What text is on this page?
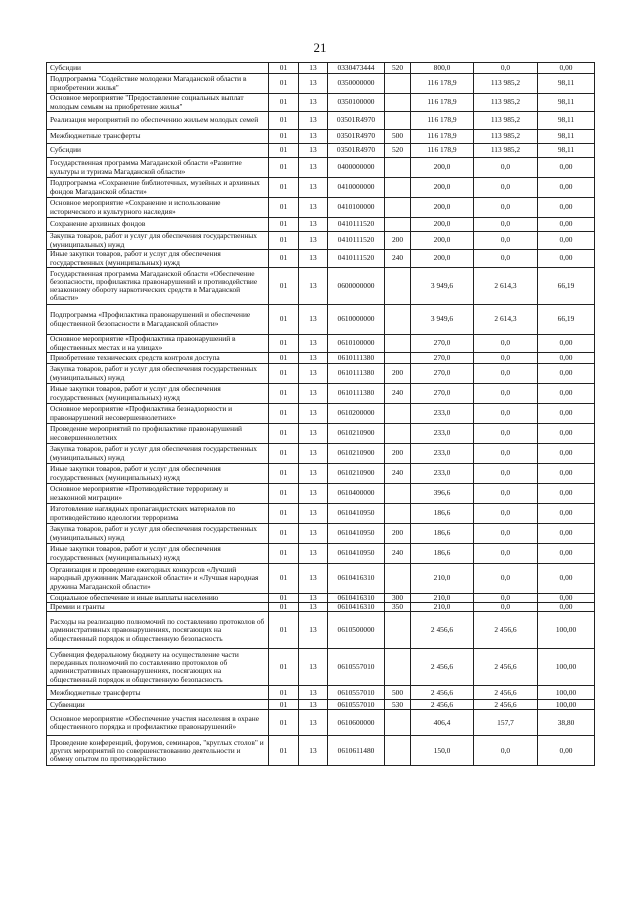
21
Субсидии	01	13	0330473444	520	800,0	0,0	0,00
Подпрограмма "Содействие молодежи Магаданской области в приобретении жилья"	01	13	0350000000		116 178,9	113 985,2	98,11
Основное мероприятие "Предоставление социальных выплат молодым семьям на приобретение жилья"	01	13	0350100000		116 178,9	113 985,2	98,11
Реализация мероприятий по обеспечению жильем молодых семей	01	13	03501R4970		116 178,9	113 985,2	98,11
Межбюджетные трансферты	01	13	03501R4970	500	116 178,9	113 985,2	98,11
Субсидии	01	13	03501R4970	520	116 178,9	113 985,2	98,11
Государственная программа Магаданской области «Развитие культуры и туризма Магаданской области»	01	13	0400000000		200,0	0,0	0,00
Подпрограмма «Сохранение библиотечных, музейных и архивных фондов Магаданской области»	01	13	0410000000		200,0	0,0	0,00
Основное мероприятие «Сохранение и использование исторического и культурного наследия»	01	13	0410100000		200,0	0,0	0,00
Сохранение архивных фондов	01	13	0410111520		200,0	0,0	0,00
Закупка товаров, работ и услуг для обеспечения государственных (муниципальных) нужд	01	13	0410111520	200	200,0	0,0	0,00
Иные закупки товаров, работ и услуг для обеспечения государственных (муниципальных) нужд	01	13	0410111520	240	200,0	0,0	0,00
Государственная программа Магаданской области «Обеспечение безопасности, профилактика правонарушений и противодействие незаконному обороту наркотических средств в Магаданской области»	01	13	0600000000		3 949,6	2 614,3	66,19
Подпрограмма «Профилактика правонарушений и обеспечение общественной безопасности в Магаданской области»	01	13	0610000000		3 949,6	2 614,3	66,19
Основное мероприятие «Профилактика правонарушений в общественных местах и на улицах»	01	13	0610100000		270,0	0,0	0,00
Приобретение технических средств контроля доступа	01	13	0610111380		270,0	0,0	0,00
Закупка товаров, работ и услуг для обеспечения государственных (муниципальных) нужд	01	13	0610111380	200	270,0	0,0	0,00
Иные закупки товаров, работ и услуг для обеспечения государственных (муниципальных) нужд	01	13	0610111380	240	270,0	0,0	0,00
Основное мероприятие «Профилактика безнадзорности и правонарушений несовершеннолетних»	01	13	0610200000		233,0	0,0	0,00
Проведение мероприятий по профилактике правонарушений несовершеннолетних	01	13	0610210900		233,0	0,0	0,00
Закупка товаров, работ и услуг для обеспечения государственных (муниципальных) нужд	01	13	0610210900	200	233,0	0,0	0,00
Иные закупки товаров, работ и услуг для обеспечения государственных (муниципальных) нужд	01	13	0610210900	240	233,0	0,0	0,00
Основное мероприятие «Противодействие терроризму и незаконной миграции»	01	13	0610400000		396,6	0,0	0,00
Изготовление наглядных пропагандистских материалов по противодействию идеологии терроризма	01	13	0610410950		186,6	0,0	0,00
Закупка товаров, работ и услуг для обеспечения государственных (муниципальных) нужд	01	13	0610410950	200	186,6	0,0	0,00
Иные закупки товаров, работ и услуг для обеспечения государственных (муниципальных) нужд	01	13	0610410950	240	186,6	0,0	0,00
Организация и проведение ежегодных конкурсов «Лучший народный дружинник Магаданской области» и «Лучшая народная дружина Магаданской области»	01	13	0610416310		210,0	0,0	0,00
Социальное обеспечение и иные выплаты населению	01	13	0610416310	300	210,0	0,0	0,00
Премии и гранты	01	13	0610416310	350	210,0	0,0	0,00
Расходы на реализацию полномочий по составлению протоколов об административных правонарушениях, посягающих на общественный порядок и общественную безопасность	01	13	0610500000		2 456,6	2 456,6	100,00
Субвенция федеральному бюджету на осуществление части переданных полномочий по составлению протоколов об административных правонарушениях, посягающих на общественный порядок и общественную безопасность	01	13	0610557010		2 456,6	2 456,6	100,00
Межбюджетные трансферты	01	13	0610557010	500	2 456,6	2 456,6	100,00
Субвенции	01	13	0610557010	530	2 456,6	2 456,6	100,00
Основное мероприятие «Обеспечение участия населения в охране общественного порядка и профилактике правонарушений»	01	13	0610600000		406,4	157,7	38,80
Проведение конференций, форумов, семинаров, "круглых столов" и других мероприятий по совершенствованию деятельности и обмену опытом по противодействию	01	13	0610611480		150,0	0,0	0,00
